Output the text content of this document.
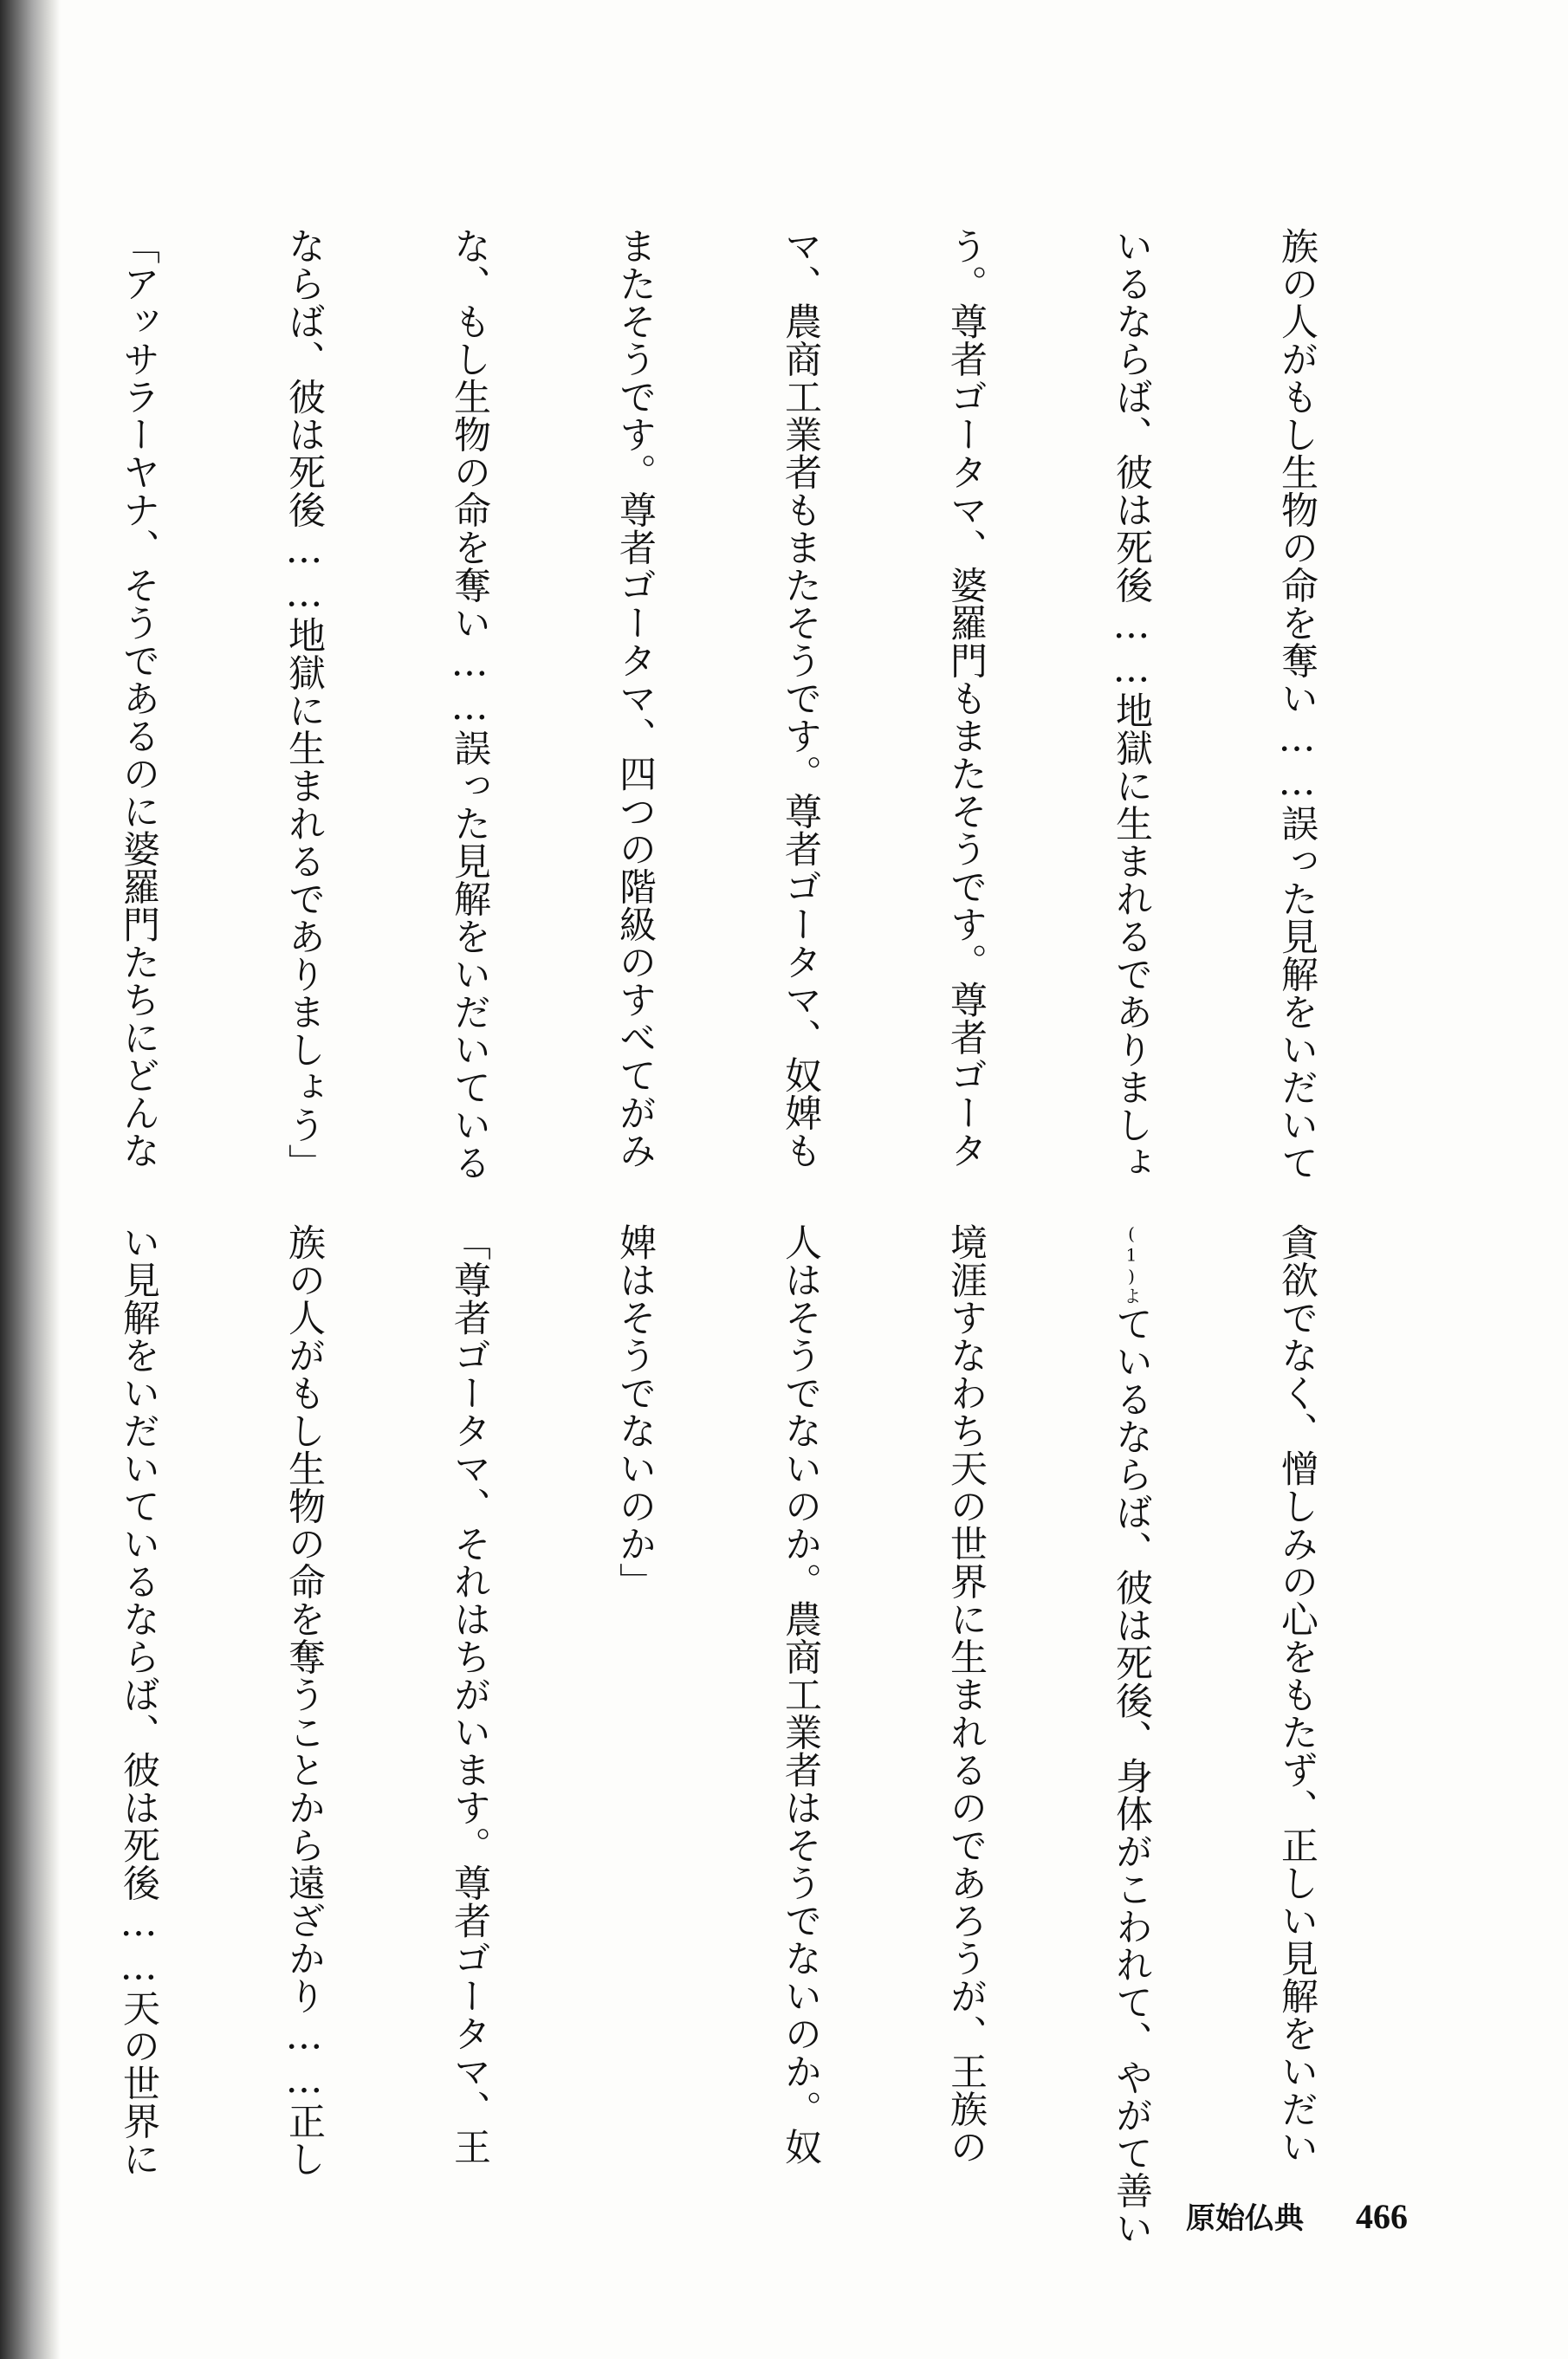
族の人がもし生物の命を奪い……誤った見解をいだいて

いるならば、彼は死後……地獄に生まれるでありましょ

う。尊者ゴータマ、婆羅門もまたそうです。尊者ゴータ

マ、農商工業者もまたそうです。尊者ゴータマ、奴婢も

またそうです。尊者ゴータマ、四つの階級のすべてがみ

な、もし生物の命を奪い……誤った見解をいだいている

ならば、彼は死後……地獄に生まれるでありましょう」

「アッサラーヤナ、そうであるのに婆羅門たちにどんな

貪欲でなく、憎しみの心をもたず、正しい見解をいだい

(1)よているならば、彼は死後、身体がこわれて、やがて善い

境涯すなわち天の世界に生まれるのであろうが、王族の

人はそうでないのか。農商工業者はそうでないのか。奴

婢はそうでないのか」

「尊者ゴータマ、それはちがいます。尊者ゴータマ、王

族の人がもし生物の命を奪うことから遠ざかり……正し

い見解をいだいているならば、彼は死後……天の世界に

原始仏典 466
